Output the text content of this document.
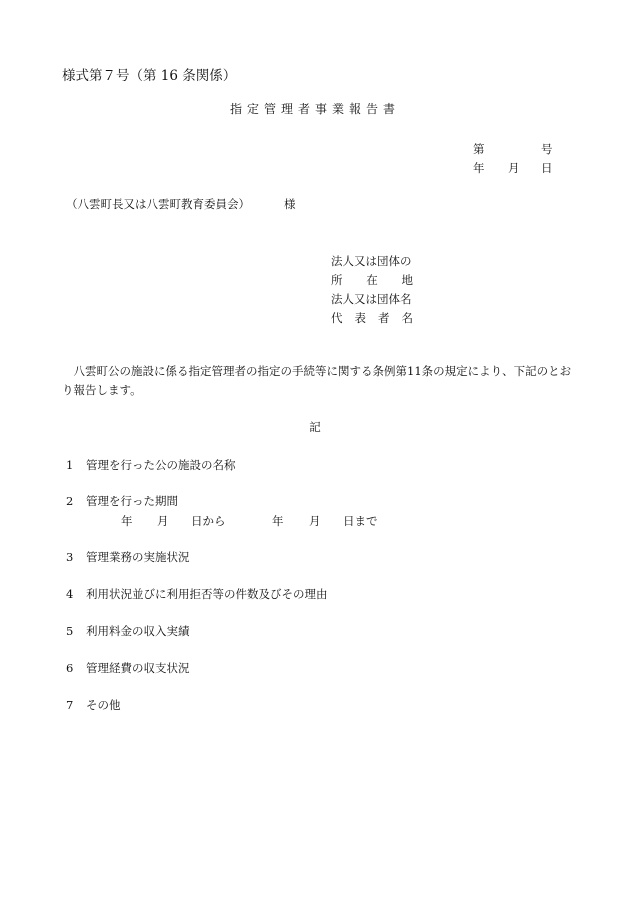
様式第７号（第 16 条関係）
指定管理者事業報告書
第	号
年 月 日
（八雲町長又は八雲町教育委員会）	様
法人又は団体の
所 在 地
法人又は団体名
代 表 者 名
八雲町公の施設に係る指定管理者の指定の手続等に関する条例第11条の規定により、下記のとおり報告します。
記
1 管理を行った公の施設の名称
2 管理を行った期間
年 月 日から	年 月 日まで
3 管理業務の実施状況
4 利用状況並びに利用拒否等の件数及びその理由
5 利用料金の収入実績
6 管理経費の収支状況
7 その他
